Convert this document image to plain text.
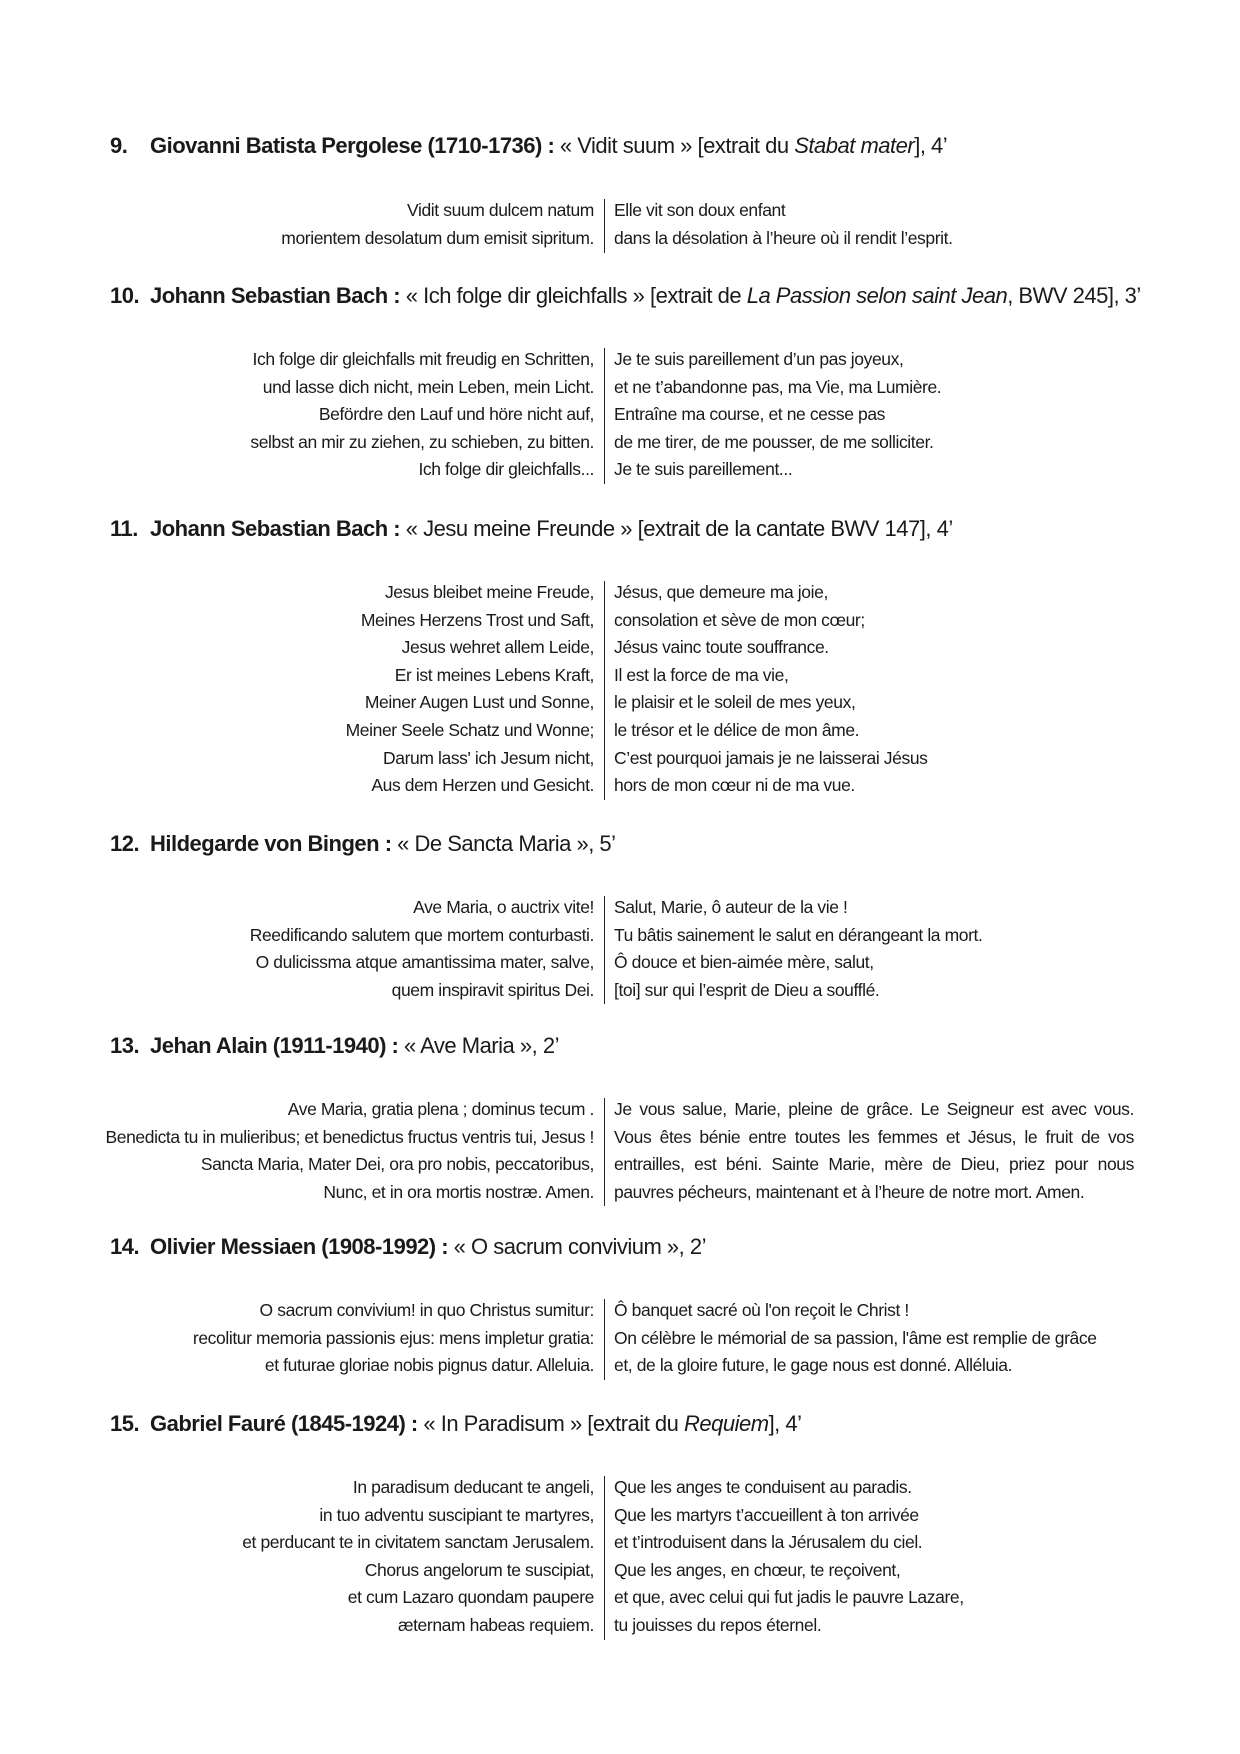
9. Giovanni Batista Pergolese (1710-1736) : « Vidit suum » [extrait du Stabat mater], 4’
Vidit suum dulcem natum
morientem desolatum dum emisit sipritum.
Elle vit son doux enfant
dans la désolation à l’heure où il rendit l’esprit.
10. Johann Sebastian Bach : « Ich folge dir gleichfalls » [extrait de La Passion selon saint Jean, BWV 245], 3’
Ich folge dir gleichfalls mit freudig en Schritten,
und lasse dich nicht, mein Leben, mein Licht.
Befördre den Lauf und höre nicht auf,
selbst an mir zu ziehen, zu schieben, zu bitten.
Ich folge dir gleichfalls...
Je te suis pareillement d’un pas joyeux,
et ne t’abandonne pas, ma Vie, ma Lumière.
Entraîne ma course, et ne cesse pas
de me tirer, de me pousser, de me solliciter.
Je te suis pareillement...
11. Johann Sebastian Bach : « Jesu meine Freunde » [extrait de la cantate BWV 147], 4’
Jesus bleibet meine Freude,
Meines Herzens Trost und Saft,
Jesus wehret allem Leide,
Er ist meines Lebens Kraft,
Meiner Augen Lust und Sonne,
Meiner Seele Schatz und Wonne;
Darum lass' ich Jesum nicht,
Aus dem Herzen und Gesicht.
Jésus, que demeure ma joie,
consolation et sève de mon cœur;
Jésus vainc toute souffrance.
Il est la force de ma vie,
le plaisir et le soleil de mes yeux,
le trésor et le délice de mon âme.
C’est pourquoi jamais je ne laisserai Jésus
hors de mon cœur ni de ma vue.
12. Hildegarde von Bingen : « De Sancta Maria », 5’
Ave Maria, o auctrix vite!
Reedificando salutem que mortem conturbasti.
O dulicissma atque amantissima mater, salve,
quem inspiravit spiritus Dei.
Salut, Marie, ô auteur de la vie !
Tu bâtis sainement le salut en dérangeant la mort.
Ô douce et bien-aimée mère, salut,
[toi] sur qui l’esprit de Dieu a soufflé.
13. Jehan Alain (1911-1940) : « Ave Maria », 2’
Ave Maria, gratia plena ; dominus tecum .
Benedicta tu in mulieribus; et benedictus fructus ventris tui, Jesus !
Sancta Maria, Mater Dei, ora pro nobis, peccatoribus,
Nunc, et in ora mortis nostræ. Amen.
Je vous salue, Marie, pleine de grâce. Le Seigneur est avec vous. Vous êtes bénie entre toutes les femmes et Jésus, le fruit de vos entrailles, est béni. Sainte Marie, mère de Dieu, priez pour nous pauvres pécheurs, maintenant et à l’heure de notre mort. Amen.
14. Olivier Messiaen (1908-1992) : « O sacrum convivium », 2’
O sacrum convivium! in quo Christus sumitur:
recolitur memoria passionis ejus: mens impletur gratia:
et futurae gloriae nobis pignus datur. Alleluia.
Ô banquet sacré où l'on reçoit le Christ !
On célèbre le mémorial de sa passion, l'âme est remplie de grâce
et, de la gloire future, le gage nous est donné. Alléluia.
15. Gabriel Fauré (1845-1924) : « In Paradisum » [extrait du Requiem], 4’
In paradisum deducant te angeli,
in tuo adventu suscipiant te martyres,
et perducant te in civitatem sanctam Jerusalem.
Chorus angelorum te suscipiat,
et cum Lazaro quondam paupere
æternam habeas requiem.
Que les anges te conduisent au paradis.
Que les martyrs t’accueillent à ton arrivée
et t’introduisent dans la Jérusalem du ciel.
Que les anges, en chœur, te reçoivent,
et que, avec celui qui fut jadis le pauvre Lazare,
tu jouisses du repos éternel.
